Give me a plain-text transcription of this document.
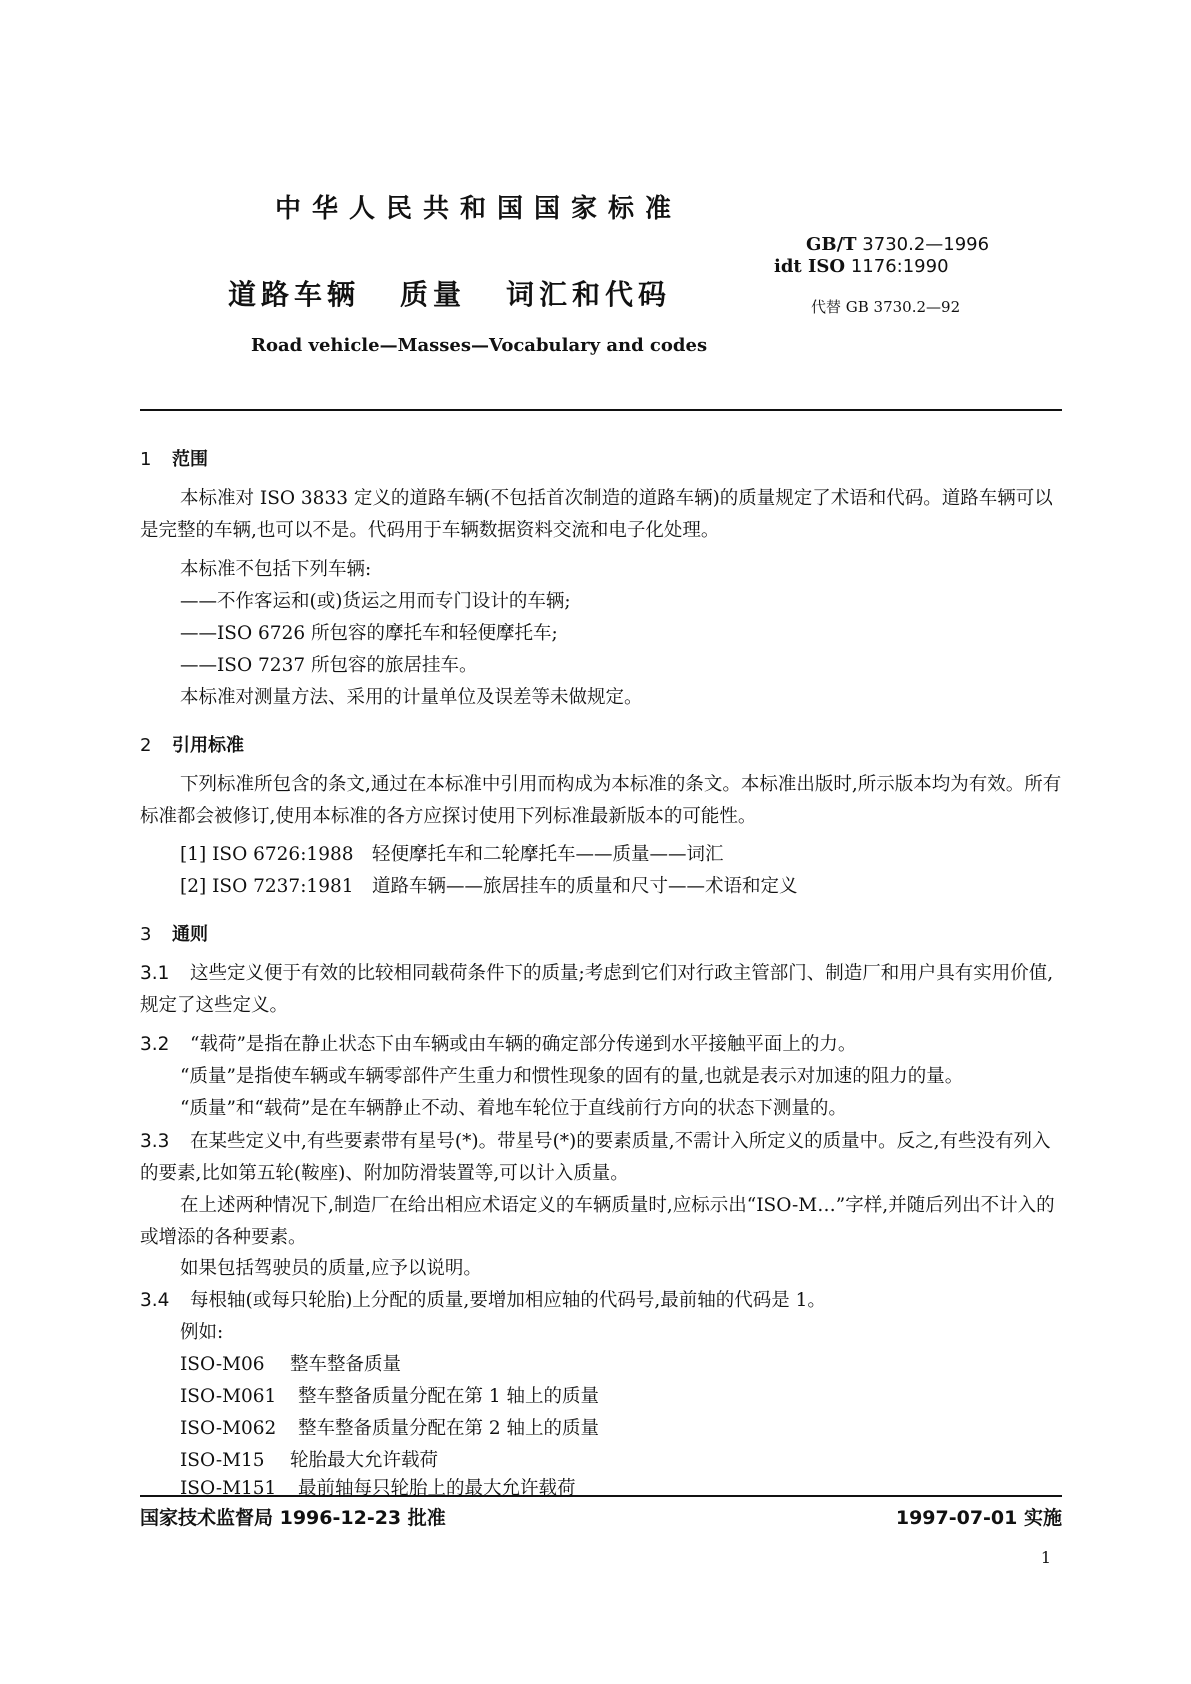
中华人民共和国国家标准
道路车辆 质量 词汇和代码
Road vehicle—Masses—Vocabulary and codes
GB/T 3730.2—1996
idt ISO 1176:1990
代替 GB 3730.2—92
1 范围
本标准对 ISO 3833 定义的道路车辆(不包括首次制造的道路车辆)的质量规定了术语和代码。道路车辆可以是完整的车辆,也可以不是。代码用于车辆数据资料交流和电子化处理。
本标准不包括下列车辆:
——不作客运和(或)货运之用而专门设计的车辆;
——ISO 6726 所包容的摩托车和轻便摩托车;
——ISO 7237 所包容的旅居挂车。
本标准对测量方法、采用的计量单位及误差等未做规定。
2 引用标准
下列标准所包含的条文,通过在本标准中引用而构成为本标准的条文。本标准出版时,所示版本均为有效。所有标准都会被修订,使用本标准的各方应探讨使用下列标准最新版本的可能性。
[1] ISO 6726:1988　轻便摩托车和二轮摩托车——质量——词汇
[2] ISO 7237:1981　道路车辆——旅居挂车的质量和尺寸——术语和定义
3 通则
3.1 这些定义便于有效的比较相同载荷条件下的质量;考虑到它们对行政主管部门、制造厂和用户具有实用价值,规定了这些定义。
3.2 “载荷”是指在静止状态下由车辆或由车辆的确定部分传递到水平接触平面上的力。
“质量”是指使车辆或车辆零部件产生重力和惯性现象的固有的量,也就是表示对加速的阻力的量。
“质量”和“载荷”是在车辆静止不动、着地车轮位于直线前行方向的状态下测量的。
3.3 在某些定义中,有些要素带有星号(*)。带星号(*)的要素质量,不需计入所定义的质量中。反之,有些没有列入的要素,比如第五轮(鞍座)、附加防滑装置等,可以计入质量。
在上述两种情况下,制造厂在给出相应术语定义的车辆质量时,应标示出“ISO-M…”字样,并随后列出不计入的或增添的各种要素。
如果包括驾驶员的质量,应予以说明。
3.4 每根轴(或每只轮胎)上分配的质量,要增加相应轴的代码号,最前轴的代码是 1。
例如:
ISO-M06 整车整备质量
ISO-M061 整车整备质量分配在第 1 轴上的质量
ISO-M062 整车整备质量分配在第 2 轴上的质量
ISO-M15 轮胎最大允许载荷
ISO-M151 最前轴每只轮胎上的最大允许载荷
国家技术监督局 1996-12-23 批准	1997-07-01 实施
1
